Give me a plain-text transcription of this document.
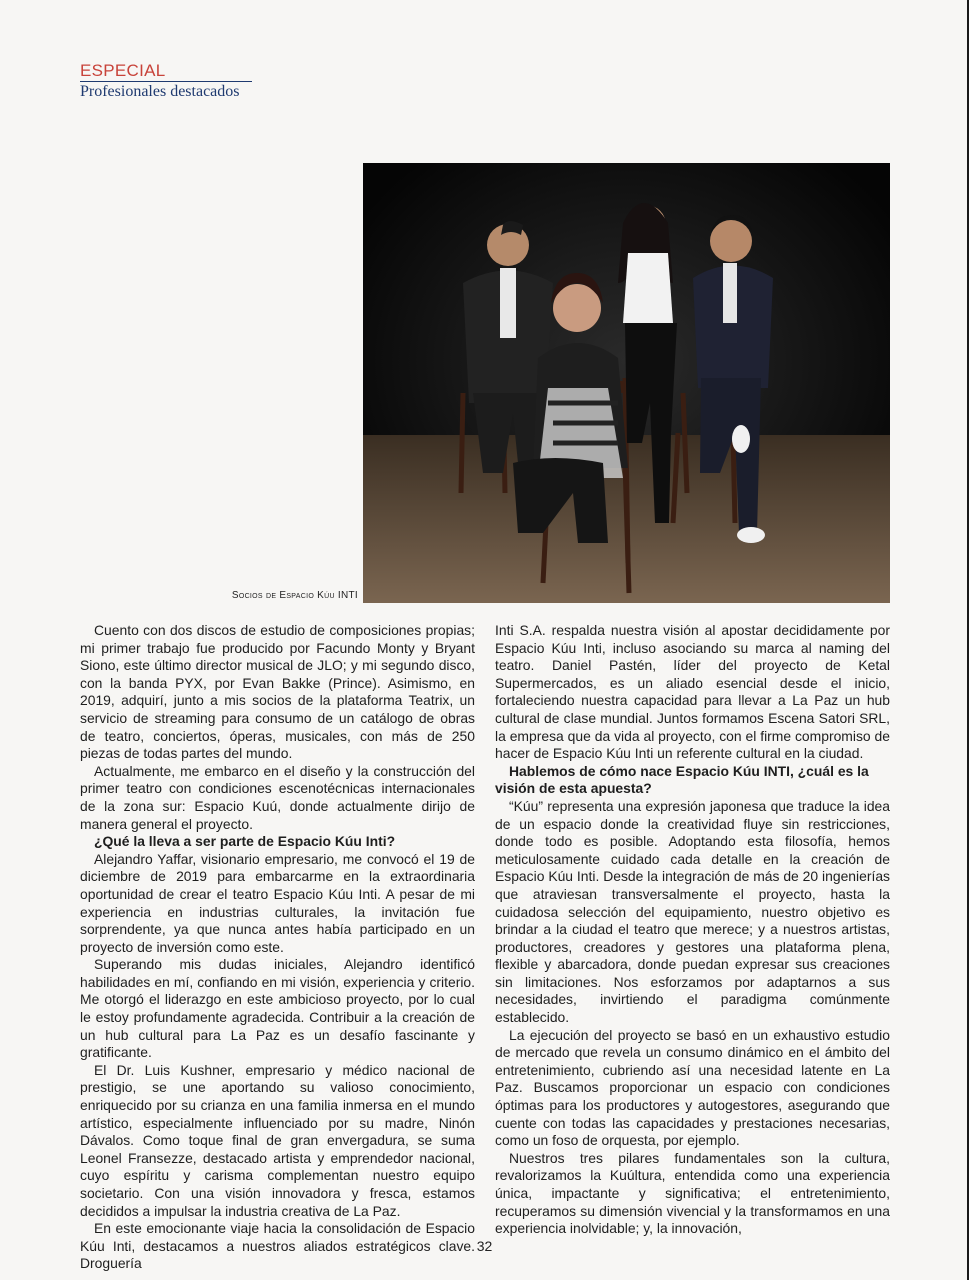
ESPECIAL
Profesionales destacados
Socios de Espacio Kúu INTI

Cuento con dos discos de estudio de composiciones propias; mi primer trabajo fue producido por Facundo Monty y Bryant Siono, este último director musical de JLO; y mi segundo disco, con la banda PYX, por Evan Bakke (Prince). Asimismo, en 2019, adquirí, junto a mis socios de la plataforma Teatrix, un servicio de streaming para consumo de un catálogo de obras de teatro, conciertos, óperas, musicales, con más de 250 piezas de todas partes del mundo.

Actualmente, me embarco en el diseño y la construcción del primer teatro con condiciones escenotécnicas internacionales de la zona sur: Espacio Kuú, donde actualmente dirijo de manera general el proyecto.

¿Qué la lleva a ser parte de Espacio Kúu Inti?

Alejandro Yaffar, visionario empresario, me convocó el 19 de diciembre de 2019 para embarcarme en la extraordinaria oportunidad de crear el teatro Espacio Kúu Inti. A pesar de mi experiencia en industrias culturales, la invitación fue sorprendente, ya que nunca antes había participado en un proyecto de inversión como este.

Superando mis dudas iniciales, Alejandro identificó habilidades en mí, confiando en mi visión, experiencia y criterio. Me otorgó el liderazgo en este ambicioso proyecto, por lo cual le estoy profundamente agradecida. Contribuir a la creación de un hub cultural para La Paz es un desafío fascinante y gratificante.

El Dr. Luis Kushner, empresario y médico nacional de prestigio, se une aportando su valioso conocimiento, enriquecido por su crianza en una familia inmersa en el mundo artístico, especialmente influenciado por su madre, Ninón Dávalos. Como toque final de gran envergadura, se suma Leonel Fransezze, destacado artista y emprendedor nacional, cuyo espíritu y carisma complementan nuestro equipo societario. Con una visión innovadora y fresca, estamos decididos a impulsar la industria creativa de La Paz.

En este emocionante viaje hacia la consolidación de Espacio Kúu Inti, destacamos a nuestros aliados estratégicos clave. Droguería

Inti S.A. respalda nuestra visión al apostar decididamente por Espacio Kúu Inti, incluso asociando su marca al naming del teatro. Daniel Pastén, líder del proyecto de Ketal Supermercados, es un aliado esencial desde el inicio, fortaleciendo nuestra capacidad para llevar a La Paz un hub cultural de clase mundial. Juntos formamos Escena Satori SRL, la empresa que da vida al proyecto, con el firme compromiso de hacer de Espacio Kúu Inti un referente cultural en la ciudad.

Hablemos de cómo nace Espacio Kúu INTI, ¿cuál es la visión de esta apuesta?

“Kúu” representa una expresión japonesa que traduce la idea de un espacio donde la creatividad fluye sin restricciones, donde todo es posible. Adoptando esta filosofía, hemos meticulosamente cuidado cada detalle en la creación de Espacio Kúu Inti. Desde la integración de más de 20 ingenierías que atraviesan transversalmente el proyecto, hasta la cuidadosa selección del equipamiento, nuestro objetivo es brindar a la ciudad el teatro que merece; y a nuestros artistas, productores, creadores y gestores una plataforma plena, flexible y abarcadora, donde puedan expresar sus creaciones sin limitaciones. Nos esforzamos por adaptarnos a sus necesidades, invirtiendo el paradigma comúnmente establecido.

La ejecución del proyecto se basó en un exhaustivo estudio de mercado que revela un consumo dinámico en el ámbito del entretenimiento, cubriendo así una necesidad latente en La Paz. Buscamos proporcionar un espacio con condiciones óptimas para los productores y autogestores, asegurando que cuente con todas las capacidades y prestaciones necesarias, como un foso de orquesta, por ejemplo.

Nuestros tres pilares fundamentales son la cultura, revalorizamos la Kuúltura, entendida como una experiencia única, impactante y significativa; el entretenimiento, recuperamos su dimensión vivencial y la transformamos en una experiencia inolvidable; y, la innovación,

32
